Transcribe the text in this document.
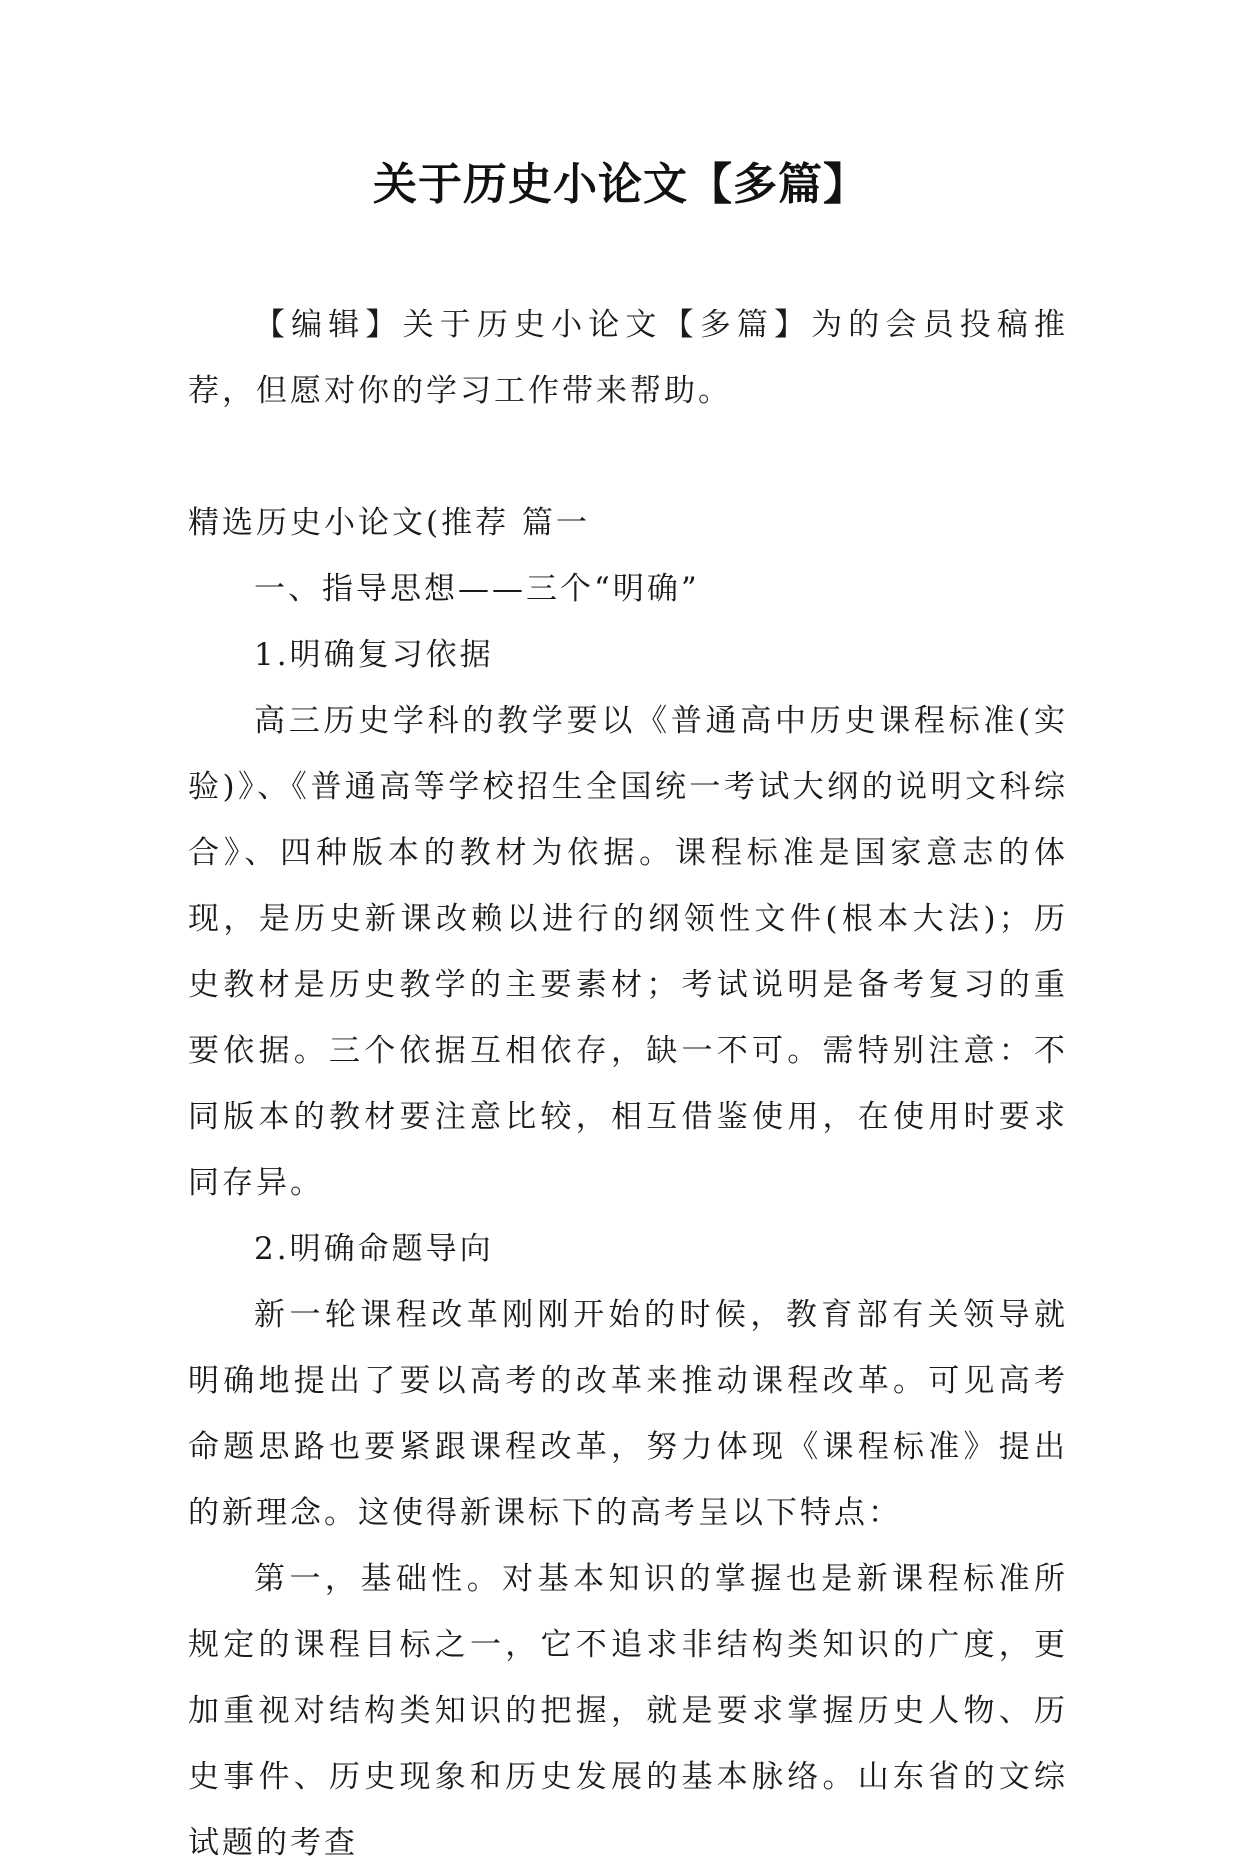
关于历史小论文【多篇】

【编辑】关于历史小论文【多篇】为的会员投稿推荐，但愿对你的学习工作带来帮助。

精选历史小论文(推荐 篇一

一、指导思想——三个“明确”

1.明确复习依据

高三历史学科的教学要以《普通高中历史课程标准(实验)》、《普通高等学校招生全国统一考试大纲的说明文科综合》、四种版本的教材为依据。课程标准是国家意志的体现，是历史新课改赖以进行的纲领性文件(根本大法)；历史教材是历史教学的主要素材；考试说明是备考复习的重要依据。三个依据互相依存，缺一不可。需特别注意：不同版本的教材要注意比较，相互借鉴使用，在使用时要求同存异。

2.明确命题导向

新一轮课程改革刚刚开始的时候，教育部有关领导就明确地提出了要以高考的改革来推动课程改革。可见高考命题思路也要紧跟课程改革，努力体现《课程标准》提出的新理念。这使得新课标下的高考呈以下特点：

第一，基础性。对基本知识的掌握也是新课程标准所规定的课程目标之一，它不追求非结构类知识的广度，更加重视对结构类知识的把握，就是要求掌握历史人物、历史事件、历史现象和历史发展的基本脉络。山东省的文综试题的考查
